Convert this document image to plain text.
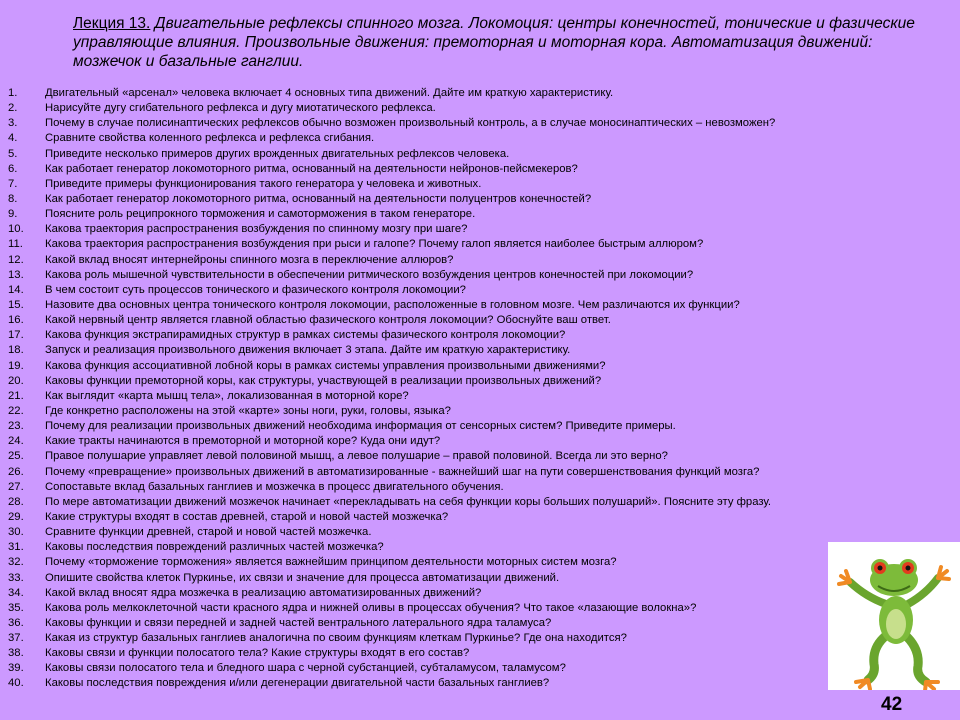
Лекция 13. Двигательные рефлексы спинного мозга. Локомоция: центры конечностей, тонические и фазические управляющие влияния. Произвольные движения: премоторная и моторная кора. Автоматизация движений: мозжечок и базальные ганглии.
1. Двигательный «арсенал» человека включает 4 основных типа движений. Дайте им краткую характеристику.
2. Нарисуйте дугу сгибательного рефлекса и дугу миотатического рефлекса.
3. Почему в случае полисинаптических рефлексов обычно возможен произвольный контроль, а в случае моносинаптических – невозможен?
4. Сравните свойства коленного рефлекса и рефлекса сгибания.
5. Приведите несколько примеров других врожденных двигательных рефлексов человека.
6. Как работает генератор локомоторного ритма, основанный на деятельности нейронов-пейсмекеров?
7. Приведите примеры функционирования такого генератора у человека и животных.
8. Как работает генератор локомоторного ритма, основанный на деятельности полуцентров конечностей?
9. Поясните роль реципрокного торможения и самоторможения в таком генераторе.
10. Какова траектория распространения возбуждения по спинному мозгу при шаге?
11. Какова траектория распространения возбуждения при рыси и галопе? Почему галоп является наиболее быстрым аллюром?
12. Какой вклад вносят интернейроны спинного мозга в переключение аллюров?
13. Какова роль мышечной чувствительности в обеспечении ритмического возбуждения центров конечностей при локомоции?
14. В чем состоит суть процессов тонического и фазического контроля локомоции?
15. Назовите два основных центра тонического контроля локомоции, расположенные в головном мозге. Чем различаются их функции?
16. Какой нервный центр является главной областью фазического контроля локомоции? Обоснуйте ваш ответ.
17. Какова функция экстрапирамидных структур в рамках системы фазического контроля локомоции?
18. Запуск и реализация произвольного движения включает 3 этапа. Дайте им краткую характеристику.
19. Какова функция ассоциативной лобной коры в рамках системы управления произвольными движениями?
20. Каковы функции премоторной коры, как структуры, участвующей в реализации произвольных движений?
21. Как выглядит «карта мышц тела», локализованная в моторной коре?
22. Где конкретно расположены на этой «карте» зоны ноги, руки, головы, языка?
23. Почему для реализации произвольных движений необходима информация от сенсорных систем? Приведите примеры.
24. Какие тракты начинаются в премоторной и моторной коре? Куда они идут?
25. Правое полушарие управляет левой половиной мышц, а левое полушарие – правой половиной. Всегда ли это верно?
26. Почему «превращение» произвольных движений в автоматизированные - важнейший шаг на пути совершенствования функций мозга?
27. Сопоставьте вклад базальных ганглиев и мозжечка в процесс двигательного обучения.
28. По мере автоматизации движений мозжечок начинает «перекладывать на себя функции коры больших полушарий». Поясните эту фразу.
29. Какие структуры входят в состав древней, старой и новой частей мозжечка?
30. Сравните функции древней, старой и новой частей мозжечка.
31. Каковы последствия повреждений различных частей мозжечка?
32. Почему «торможение торможения» является важнейшим принципом деятельности моторных систем мозга?
33. Опишите свойства клеток Пуркинье, их связи и значение для процесса автоматизации движений.
34. Какой вклад вносят ядра мозжечка в реализацию автоматизированных движений?
35. Какова роль мелкоклеточной части красного ядра и нижней оливы в процессах обучения? Что такое «лазающие волокна»?
36. Каковы функции и связи передней и задней частей вентрального латерального ядра таламуса?
37. Какая из структур базальных ганглиев аналогична по своим функциям клеткам Пуркинье? Где она находится?
38. Каковы связи и функции полосатого тела? Какие структуры входят в его состав?
39. Каковы связи полосатого тела и бледного шара с черной субстанцией, субталамусом, таламусом?
40. Каковы последствия повреждения и/или дегенерации двигательной части базальных ганглиев?
42
